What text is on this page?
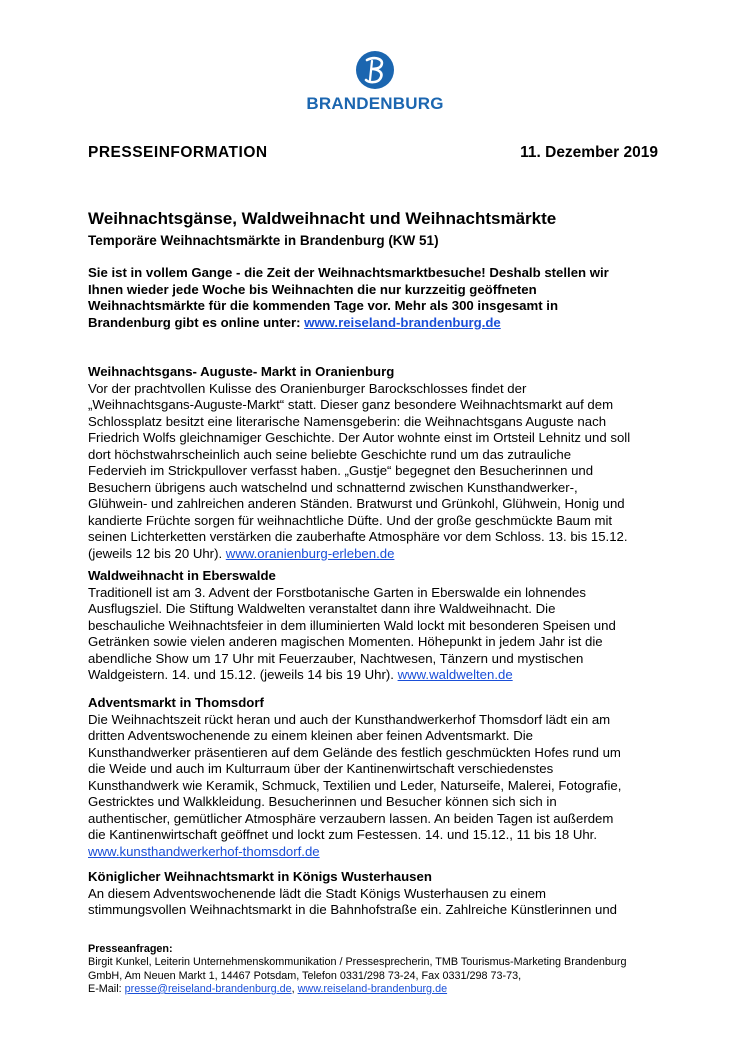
BRANDENBURG
PRESSEINFORMATION	11. Dezember 2019
Weihnachtsgänse, Waldweihnacht und Weihnachtsmärkte
Temporäre Weihnachtsmärkte in Brandenburg (KW 51)
Sie ist in vollem Gange - die Zeit der Weihnachtsmarktbesuche! Deshalb stellen wir
Ihnen wieder jede Woche bis Weihnachten die nur kurzzeitig geöffneten
Weihnachtsmärkte für die kommenden Tage vor. Mehr als 300 insgesamt in
Brandenburg gibt es online unter: www.reiseland-brandenburg.de
Weihnachtsgans- Auguste- Markt in Oranienburg
Vor der prachtvollen Kulisse des Oranienburger Barockschlosses findet der
„Weihnachtsgans-Auguste-Markt“ statt. Dieser ganz besondere Weihnachtsmarkt auf dem
Schlossplatz besitzt eine literarische Namensgeberin: die Weihnachtsgans Auguste nach
Friedrich Wolfs gleichnamiger Geschichte. Der Autor wohnte einst im Ortsteil Lehnitz und soll
dort höchstwahrscheinlich auch seine beliebte Geschichte rund um das zutrauliche
Federvieh im Strickpullover verfasst haben. „Gustje“ begegnet den Besucherinnen und
Besuchern übrigens auch watschelnd und schnatternd zwischen Kunsthandwerker-,
Glühwein- und zahlreichen anderen Ständen. Bratwurst und Grünkohl, Glühwein, Honig und
kandierte Früchte sorgen für weihnachtliche Düfte. Und der große geschmückte Baum mit
seinen Lichterketten verstärken die zauberhafte Atmosphäre vor dem Schloss. 13. bis 15.12.
(jeweils 12 bis 20 Uhr). www.oranienburg-erleben.de
Waldweihnacht in Eberswalde
Traditionell ist am 3. Advent der Forstbotanische Garten in Eberswalde ein lohnendes
Ausflugsziel. Die Stiftung Waldwelten veranstaltet dann ihre Waldweihnacht. Die
beschauliche Weihnachtsfeier in dem illuminierten Wald lockt mit besonderen Speisen und
Getränken sowie vielen anderen magischen Momenten. Höhepunkt in jedem Jahr ist die
abendliche Show um 17 Uhr mit Feuerzauber, Nachtwesen, Tänzern und mystischen
Waldgeistern. 14. und 15.12. (jeweils 14 bis 19 Uhr). www.waldwelten.de
Adventsmarkt in Thomsdorf
Die Weihnachtszeit rückt heran und auch der Kunsthandwerkerhof Thomsdorf lädt ein am
dritten Adventswochenende zu einem kleinen aber feinen Adventsmarkt. Die
Kunsthandwerker präsentieren auf dem Gelände des festlich geschmückten Hofes rund um
die Weide und auch im Kulturraum über der Kantinenwirtschaft verschiedenstes
Kunsthandwerk wie Keramik, Schmuck, Textilien und Leder, Naturseife, Malerei, Fotografie,
Gestricktes und Walkkleidung. Besucherinnen und Besucher können sich sich in
authentischer, gemütlicher Atmosphäre verzaubern lassen. An beiden Tagen ist außerdem
die Kantinenwirtschaft geöffnet und lockt zum Festessen. 14. und 15.12., 11 bis 18 Uhr.
www.kunsthandwerkerhof-thomsdorf.de
Königlicher Weihnachtsmarkt in Königs Wusterhausen
An diesem Adventswochenende lädt die Stadt Königs Wusterhausen zu einem
stimmungsvollen Weihnachtsmarkt in die Bahnhofstraße ein. Zahlreiche Künstlerinnen und
Presseanfragen:
Birgit Kunkel, Leiterin Unternehmenskommunikation / Pressesprecherin, TMB Tourismus-Marketing Brandenburg
GmbH, Am Neuen Markt 1, 14467 Potsdam, Telefon 0331/298 73-24, Fax 0331/298 73-73,
E-Mail: presse@reiseland-brandenburg.de, www.reiseland-brandenburg.de
